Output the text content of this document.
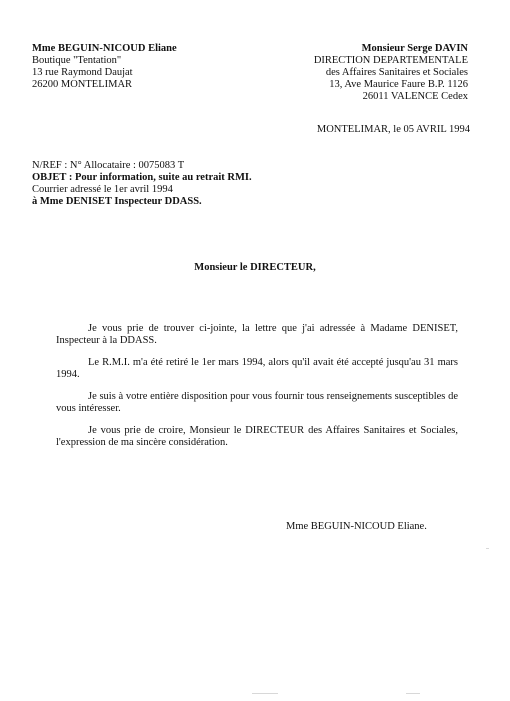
Mme BEGUIN-NICOUD Eliane
Boutique "Tentation"
13 rue Raymond Daujat
26200 MONTELIMAR
Monsieur Serge DAVIN
DIRECTION DEPARTEMENTALE
des Affaires Sanitaires et Sociales
13, Ave Maurice Faure B.P. 1126
26011 VALENCE Cedex
MONTELIMAR, le 05 AVRIL 1994
N/REF : N° Allocataire : 0075083 T
OBJET : Pour information, suite au retrait RMI.
Courrier adressé le 1er avril 1994
à Mme DENISET Inspecteur DDASS.
Monsieur le DIRECTEUR,

Je vous prie de trouver ci-jointe, la lettre que j'ai adressée à Madame DENISET, Inspecteur à la DDASS.

Le R.M.I. m'a été retiré le 1er mars 1994, alors qu'il avait été accepté jusqu'au 31 mars 1994.

Je suis à votre entière disposition pour vous fournir tous renseignements susceptibles de vous intéresser.

Je vous prie de croire, Monsieur le DIRECTEUR des Affaires Sanitaires et Sociales, l'expression de ma sincère considération.

Mme BEGUIN-NICOUD Eliane.
